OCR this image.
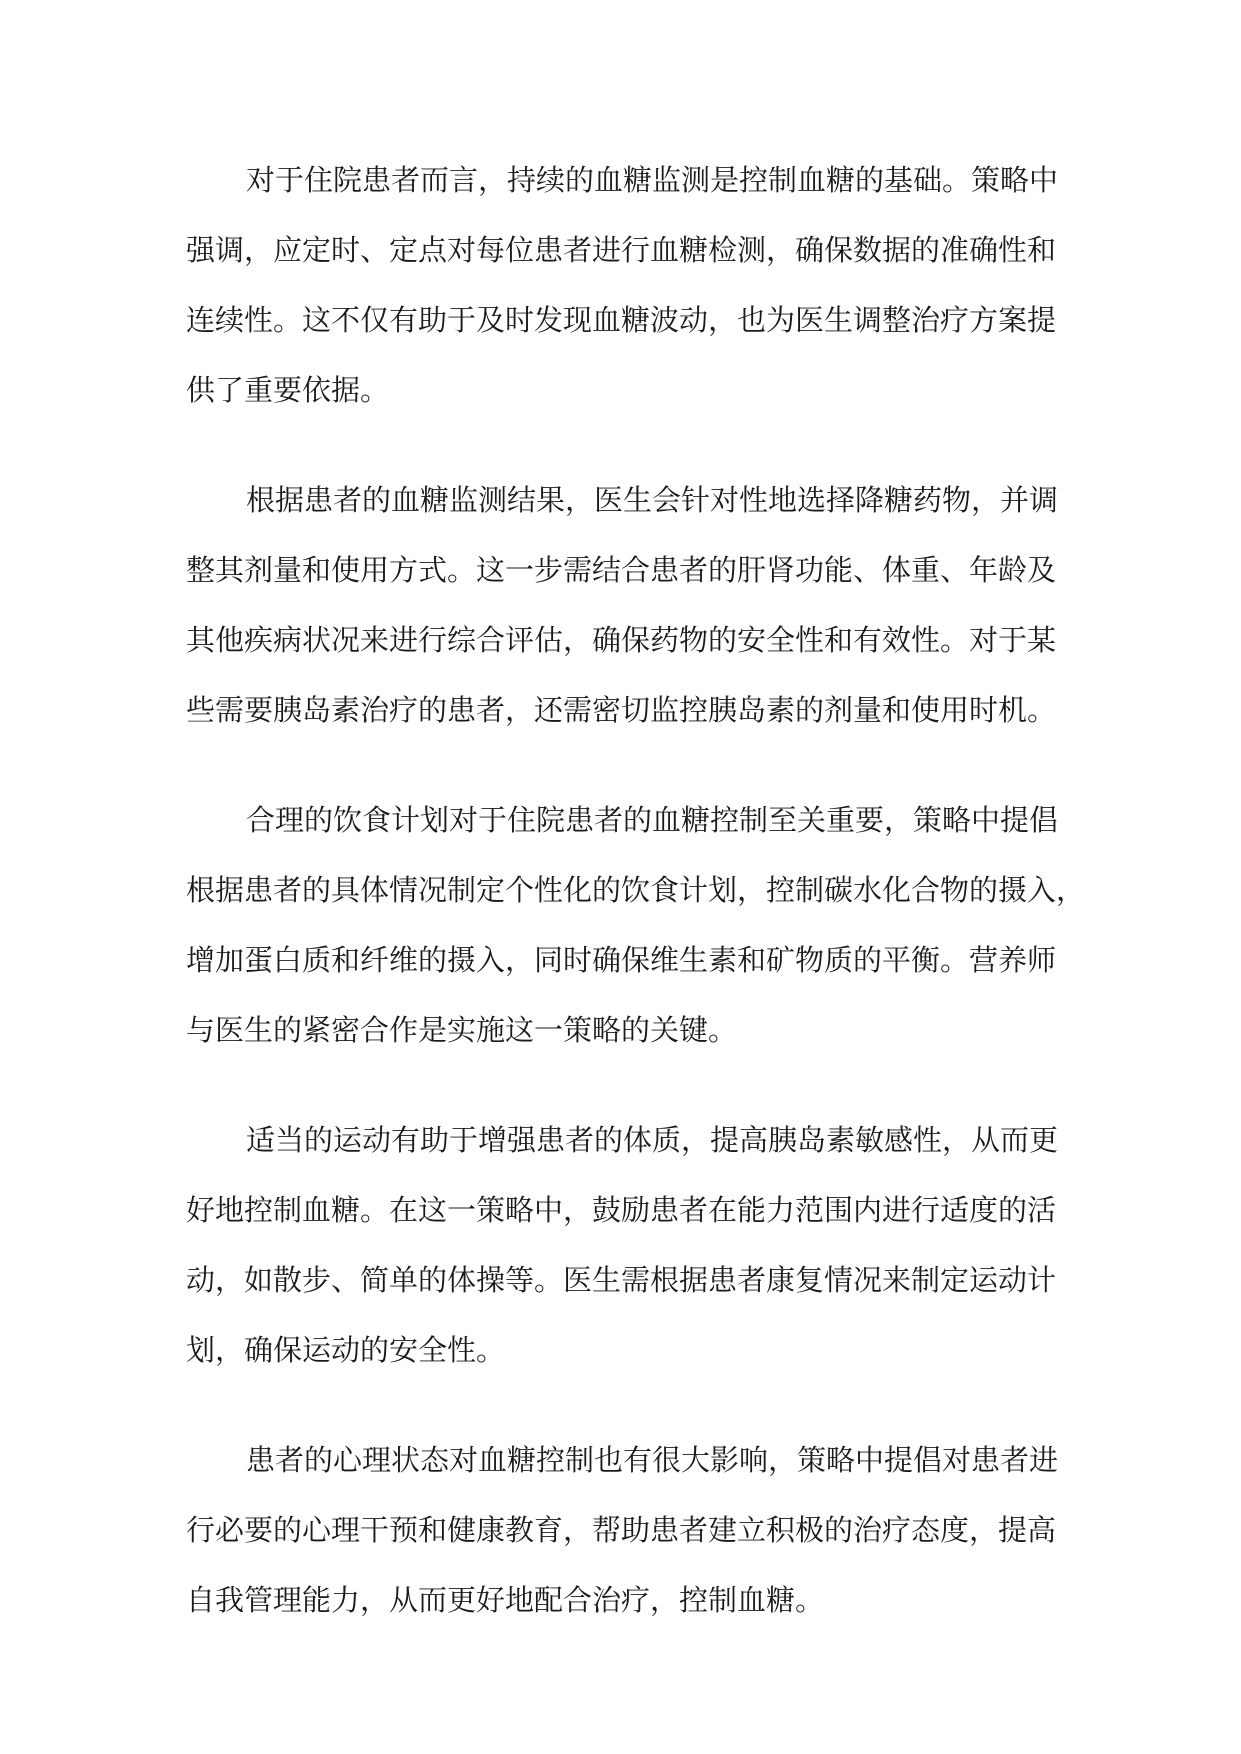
对于住院患者而言，持续的血糖监测是控制血糖的基础。策略中
强调，应定时、定点对每位患者进行血糖检测，确保数据的准确性和
连续性。这不仅有助于及时发现血糖波动，也为医生调整治疗方案提
供了重要依据。

根据患者的血糖监测结果，医生会针对性地选择降糖药物，并调
整其剂量和使用方式。这一步需结合患者的肝肾功能、体重、年龄及
其他疾病状况来进行综合评估，确保药物的安全性和有效性。对于某
些需要胰岛素治疗的患者，还需密切监控胰岛素的剂量和使用时机。

合理的饮食计划对于住院患者的血糖控制至关重要，策略中提倡
根据患者的具体情况制定个性化的饮食计划，控制碳水化合物的摄入，
增加蛋白质和纤维的摄入，同时确保维生素和矿物质的平衡。营养师
与医生的紧密合作是实施这一策略的关键。

适当的运动有助于增强患者的体质，提高胰岛素敏感性，从而更
好地控制血糖。在这一策略中，鼓励患者在能力范围内进行适度的活
动，如散步、简单的体操等。医生需根据患者康复情况来制定运动计
划，确保运动的安全性。

患者的心理状态对血糖控制也有很大影响，策略中提倡对患者进
行必要的心理干预和健康教育，帮助患者建立积极的治疗态度，提高
自我管理能力，从而更好地配合治疗，控制血糖。
